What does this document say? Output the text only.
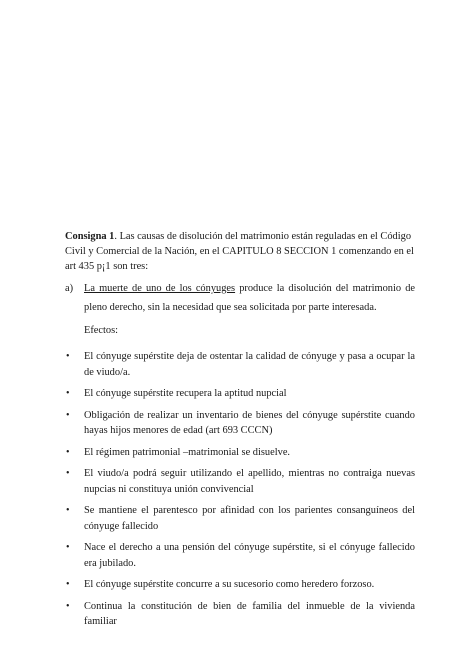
Consigna 1. Las causas de disolución del matrimonio están reguladas en el Código Civil y Comercial de la Nación, en el CAPITULO 8 SECCION 1 comenzando en el art 435 p¡1 son tres:
a) La muerte de uno de los cónyuges produce la disolución del matrimonio de pleno derecho, sin la necesidad que sea solicitada por parte interesada.
Efectos:
• El cónyuge supérstite deja de ostentar la calidad de cónyuge y pasa a ocupar la de viudo/a.
• El cónyuge supérstite recupera la aptitud nupcial
• Obligación de realizar un inventario de bienes del cónyuge supérstite cuando hayas hijos menores de edad (art 693 CCCN)
• El régimen patrimonial –matrimonial se disuelve.
• El viudo/a podrá seguir utilizando el apellido, mientras no contraiga nuevas nupcias ni constituya unión convivencial
• Se mantiene el parentesco por afinidad con los parientes consanguíneos del cónyuge fallecido
• Nace el derecho a una pensión del cónyuge supérstite, si el cónyuge fallecido era jubilado.
• El cónyuge supérstite concurre a su sucesorio como heredero forzoso.
• Continua la constitución de bien de familia del inmueble de la vivienda familiar
